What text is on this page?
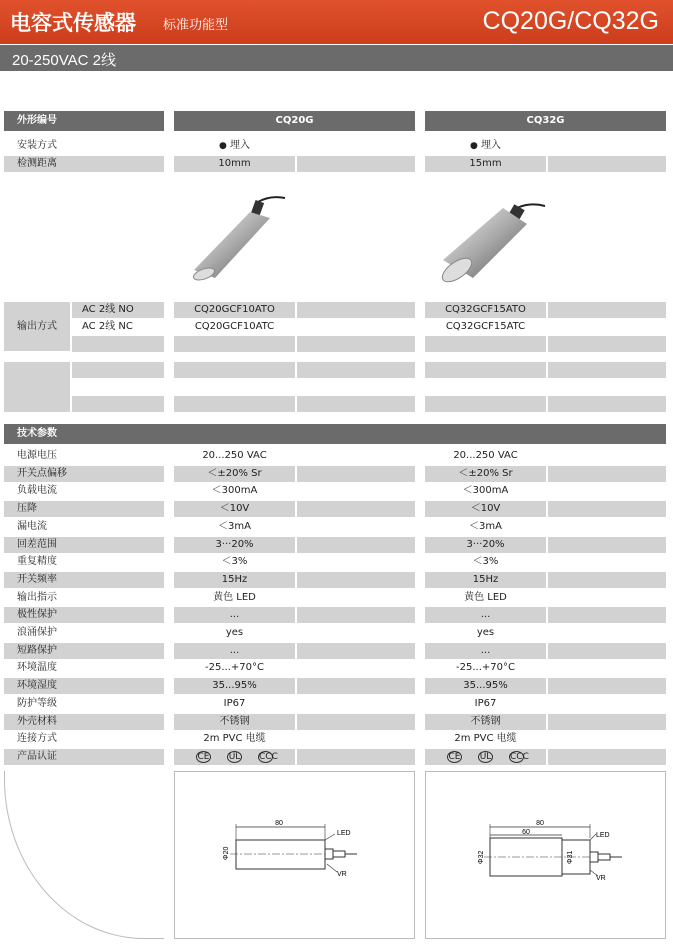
电容式传感器 标准功能型	CQ20G/CQ32G
20-250VAC 2线
外形编号	CQ20G	CQ32G
安装方式	● 埋入	● 埋入
检测距离	10mm	15mm
输出方式
AC 2线 NO	CQ20GCF10ATO	CQ32GCF15ATO
AC 2线 NC	CQ20GCF10ATC	CQ32GCF15ATC
技术参数
电源电压	20...250 VAC	20...250 VAC
开关点偏移	＜±20% Sr	＜±20% Sr
负载电流	＜300mA	＜300mA
压降	＜10V	＜10V
漏电流	＜3mA	＜3mA
回差范围	3···20%	3···20%
重复精度	＜3%	＜3%
开关频率	15Hz	15Hz
输出指示	黄色 LED	黄色 LED
极性保护	...	...
浪涌保护	yes	yes
短路保护	...	...
环境温度	-25...+70°C	-25...+70°C
环境湿度	35...95%	35...95%
防护等级	IP67	IP67
外壳材料	不锈钢	不锈钢
连接方式	2m PVC 电缆	2m PVC 电缆
产品认证	CE UL CCC	CE UL CCC
80
Φ20
LED
VR
80
60
Φ32	Φ31
LED
VR
